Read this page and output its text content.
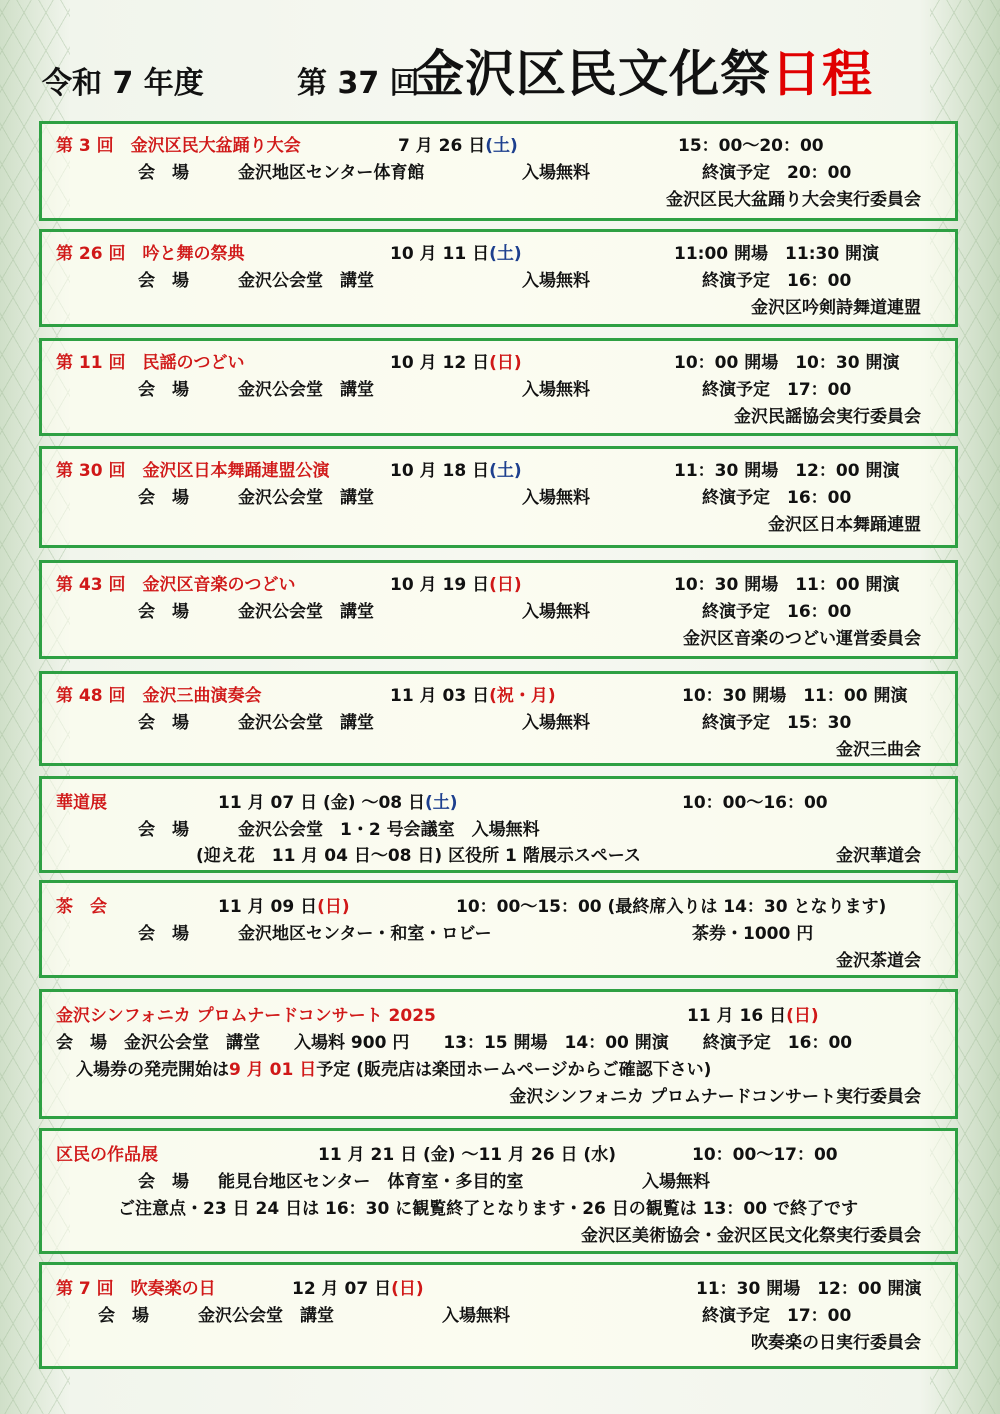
令和 7 年度	第 37 回
金沢区民文化祭日程
第 3 回　金沢区民大盆踊り大会	7 月 26 日(土)	15：00～20：00
会　場	金沢地区センター体育館	入場無料	終演予定　20：00
金沢区民大盆踊り大会実行委員会
第 26 回　吟と舞の祭典	10 月 11 日(土)	11:00 開場　11:30 開演
会　場	金沢公会堂　講堂	入場無料	終演予定　16：00
金沢区吟剣詩舞道連盟
第 11 回　民謡のつどい	10 月 12 日(日)	10：00 開場　10：30 開演
会　場	金沢公会堂　講堂	入場無料	終演予定　17：00
金沢民謡協会実行委員会
第 30 回　金沢区日本舞踊連盟公演	10 月 18 日(土)	11：30 開場　12：00 開演
会　場	金沢公会堂　講堂	入場無料	終演予定　16：00
金沢区日本舞踊連盟
第 43 回　金沢区音楽のつどい	10 月 19 日(日)	10：30 開場　11：00 開演
会　場	金沢公会堂　講堂	入場無料	終演予定　16：00
金沢区音楽のつどい運営委員会
第 48 回　金沢三曲演奏会	11 月 03 日(祝・月)	10：30 開場　11：00 開演
会　場	金沢公会堂　講堂	入場無料	終演予定　15：30
金沢三曲会
華道展	11 月 07 日 (金) ～08 日(土)	10：00～16：00
会　場	金沢公会堂　1・2 号会議室　入場無料
(迎え花　11 月 04 日～08 日) 区役所 1 階展示スペース	金沢華道会
茶　会	11 月 09 日(日)	10：00～15：00 (最終席入りは 14：30 となります)
会　場	金沢地区センター・和室・ロビー	茶券・1000 円
金沢茶道会
金沢シンフォニカ プロムナードコンサート 2025	11 月 16 日(日)
会　場　金沢公会堂　講堂　　入場料 900 円　　13：15 開場　14：00 開演　　終演予定　16：00
入場券の発売開始は9 月 01 日予定 (販売店は楽団ホームページからご確認下さい)
金沢シンフォニカ プロムナードコンサート実行委員会
区民の作品展	11 月 21 日 (金) ～11 月 26 日 (水)	10：00～17：00
会　場 能見台地区センター　体育室・多目的室	入場無料
ご注意点・23 日 24 日は 16：30 に観覧終了となります・26 日の観覧は 13：00 で終了です
金沢区美術協会・金沢区民文化祭実行委員会
第 7 回　吹奏楽の日	12 月 07 日(日)	11：30 開場　12：00 開演
会　場	金沢公会堂　講堂	入場無料	終演予定　17：00
吹奏楽の日実行委員会
